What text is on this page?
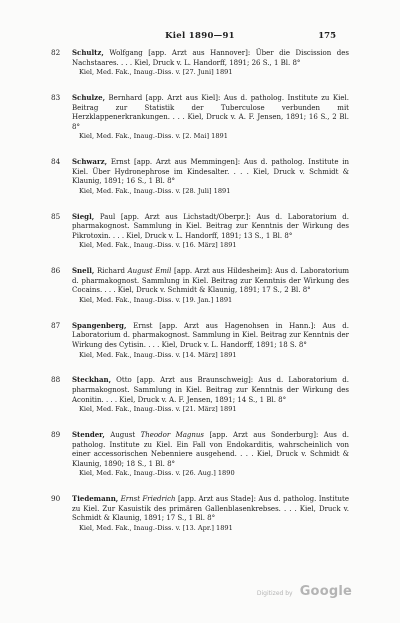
Kiel 1890—91	175
82 Schultz, Wolfgang [app. Arzt aus Hannover]: Über die Discission des Nachstaares. . . . Kiel, Druck v. L. Handorff, 1891; 26 S., 1 Bl. 8°
Kiel, Med. Fak., Inaug.-Diss. v. [27. Juni] 1891
83 Schulze, Bernhard [app. Arzt aus Kiel]: Aus d. patholog. Institute zu Kiel. Beitrag zur Statistik der Tuberculose verbunden mit Herzklappenerkrankungen. . . . Kiel, Druck v. A. F. Jensen, 1891; 16 S., 2 Bl. 8°
Kiel, Med. Fak., Inaug.-Diss. v. [2. Mai] 1891
84 Schwarz, Ernst [app. Arzt aus Memmingen]: Aus d. patholog. Institute in Kiel. Über Hydronephrose im Kindesalter. . . . Kiel, Druck v. Schmidt & Klaunig, 1891; 16 S., 1 Bl. 8°
Kiel, Med. Fak., Inaug.-Diss. v. [28. Juli] 1891
85 Siegl, Paul [app. Arzt aus Lichstadt/Oberpr.]: Aus d. Laboratorium d. pharmakognost. Sammlung in Kiel. Beitrag zur Kenntnis der Wirkung des Pikrotoxin. . . . Kiel, Druck v. L. Handorff, 1891; 13 S., 1 Bl. 8°
Kiel, Med. Fak., Inaug.-Diss. v. [16. März] 1891
86 Snell, Richard August Emil [app. Arzt aus Hildesheim]: Aus d. Laboratorium d. pharmakognost. Sammlung in Kiel. Beitrag zur Kenntnis der Wirkung des Cocains. . . . Kiel, Druck v. Schmidt & Klaunig, 1891; 17 S., 2 Bl. 8°
Kiel, Med. Fak., Inaug.-Diss. v. [19. Jan.] 1891
87 Spangenberg, Ernst [app. Arzt aus Hagenohsen in Hann.]: Aus d. Laboratorium d. pharmakognost. Sammlung in Kiel. Beitrag zur Kenntnis der Wirkung des Cytisin. . . . Kiel, Druck v. L. Handorff, 1891; 18 S. 8°
Kiel, Med. Fak., Inaug.-Diss. v. [14. März] 1891
88 Steckhan, Otto [app. Arzt aus Braunschweig]: Aus d. Laboratorium d. pharmakognost. Sammlung in Kiel. Beitrag zur Kenntnis der Wirkung des Aconitin. . . . Kiel, Druck v. A. F. Jensen, 1891; 14 S., 1 Bl. 8°
Kiel, Med. Fak., Inaug.-Diss. v. [21. März] 1891
89 Stender, August Theodor Magnus [app. Arzt aus Sonderburg]: Aus d. patholog. Institute zu Kiel. Ein Fall von Endokarditis, wahrscheinlich von einer accessorischen Nebenniere ausgehend. . . . Kiel, Druck v. Schmidt & Klaunig, 1890; 18 S., 1 Bl. 8°
Kiel, Med. Fak., Inaug.-Diss. v. [26. Aug.] 1890
90 Tiedemann, Ernst Friedrich [app. Arzt aus Stade]: Aus d. patholog. Institute zu Kiel. Zur Kasuistik des primären Gallenblasenkrebses. . . . Kiel, Druck v. Schmidt & Klaunig, 1891; 17 S., 1 Bl. 8°
Kiel, Med. Fak., Inaug.-Diss. v. [13. Apr.] 1891
Digitized by Google
